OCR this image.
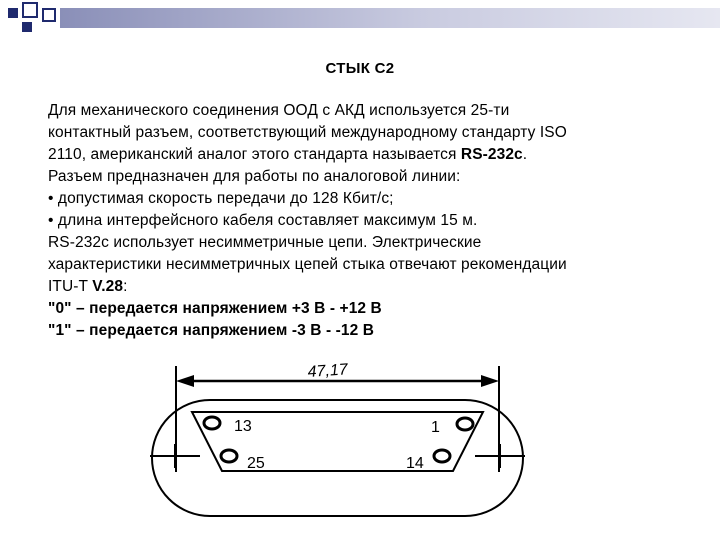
СТЫК С2
Для механического соединения ООД с АКД используется 25-ти
контактный разъем, соответствующий международному стандарту ISO
2110, американский аналог этого стандарта называется RS-232c.
Разъем предназначен для работы по аналоговой линии:
• допустимая скорость передачи до 128 Кбит/с;
• длина интерфейсного кабеля составляет максимум 15 м.
RS-232c использует несимметричные цепи. Электрические
характеристики несимметричных цепей стыка отвечают рекомендации
ITU-T V.28:
"0" – передается напряжением +3 В - +12 В
"1" – передается напряжением -3 В - -12 В
47,17
13	1
25	14
